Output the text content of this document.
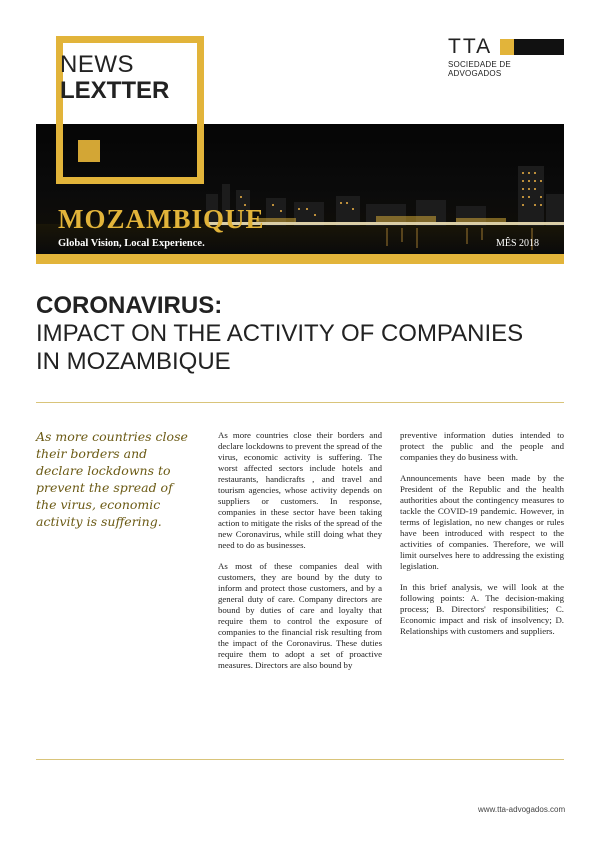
NEWS
LEXTTER
TTA
SOCIEDADE DE ADVOGADOS
MOZAMBIQUE
Global Vision, Local Experience.	MÊS 2018
CORONAVIRUS:
IMPACT ON THE ACTIVITY OF COMPANIES
IN MOZAMBIQUE
As more countries close their borders and declare lockdowns to prevent the spread of the virus, economic activity is suffering.

As more countries close their borders and declare lockdowns to prevent the spread of the virus, economic activity is suffering. The worst affected sectors include hotels and restaurants, handicrafts , and travel and tourism agencies, whose activity depends on suppliers or customers. In response, companies in these sector have been taking action to mitigate the risks of the spread of the new Coronavirus, while still doing what they need to do as businesses.

As most of these companies deal with customers, they are bound by the duty to inform and protect those customers, and by a general duty of care. Company directors are bound by duties of care and loyalty that require them to control the exposure of companies to the financial risk resulting from the impact of the Coronavirus. These duties require them to adopt a set of proactive measures. Directors are also bound by

preventive information duties intended to protect the public and the people and companies they do business with.

Announcements have been made by the President of the Republic and the health authorities about the contingency measures to tackle the COVID-19 pandemic. However, in terms of legislation, no new changes or rules have been introduced with respect to the activities of companies. Therefore, we will limit ourselves here to addressing the existing legislation.

In this brief analysis, we will look at the following points: A. The decision-making process; B. Directors' responsibilities; C. Economic impact and risk of insolvency; D. Relationships with customers and suppliers.

www.tta-advogados.com
